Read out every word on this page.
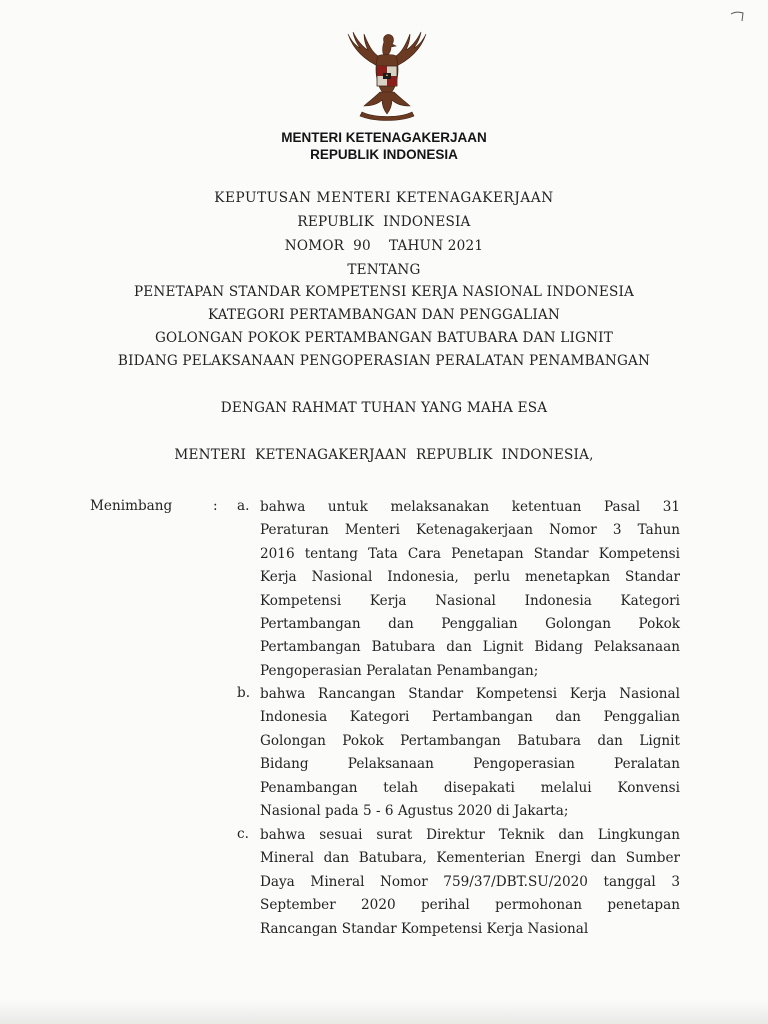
MENTERI KETENAGAKERJAAN
REPUBLIK INDONESIA
KEPUTUSAN MENTERI KETENAGAKERJAAN
REPUBLIK  INDONESIA
NOMOR  90    TAHUN 2021
TENTANG
PENETAPAN STANDAR KOMPETENSI KERJA NASIONAL INDONESIA
KATEGORI PERTAMBANGAN DAN PENGGALIAN
GOLONGAN POKOK PERTAMBANGAN BATUBARA DAN LIGNIT
BIDANG PELAKSANAAN PENGOPERASIAN PERALATAN PENAMBANGAN
DENGAN RAHMAT TUHAN YANG MAHA ESA
MENTERI  KETENAGAKERJAAN  REPUBLIK  INDONESIA,
Menimbang	: a. bahwa untuk melaksanakan ketentuan Pasal 31
Peraturan Menteri Ketenagakerjaan Nomor 3 Tahun
2016 tentang Tata Cara Penetapan Standar Kompetensi
Kerja Nasional Indonesia, perlu menetapkan Standar
Kompetensi Kerja Nasional Indonesia Kategori
Pertambangan dan Penggalian Golongan Pokok
Pertambangan Batubara dan Lignit Bidang Pelaksanaan
Pengoperasian Peralatan Penambangan;
b. bahwa Rancangan Standar Kompetensi Kerja Nasional
Indonesia Kategori Pertambangan dan Penggalian
Golongan Pokok Pertambangan Batubara dan Lignit
Bidang Pelaksanaan Pengoperasian Peralatan
Penambangan telah disepakati melalui Konvensi
Nasional pada 5 - 6 Agustus 2020 di Jakarta;
c. bahwa sesuai surat Direktur Teknik dan Lingkungan
Mineral dan Batubara, Kementerian Energi dan Sumber
Daya Mineral Nomor 759/37/DBT.SU/2020 tanggal 3
September 2020 perihal permohonan penetapan
Rancangan Standar Kompetensi Kerja Nasional
